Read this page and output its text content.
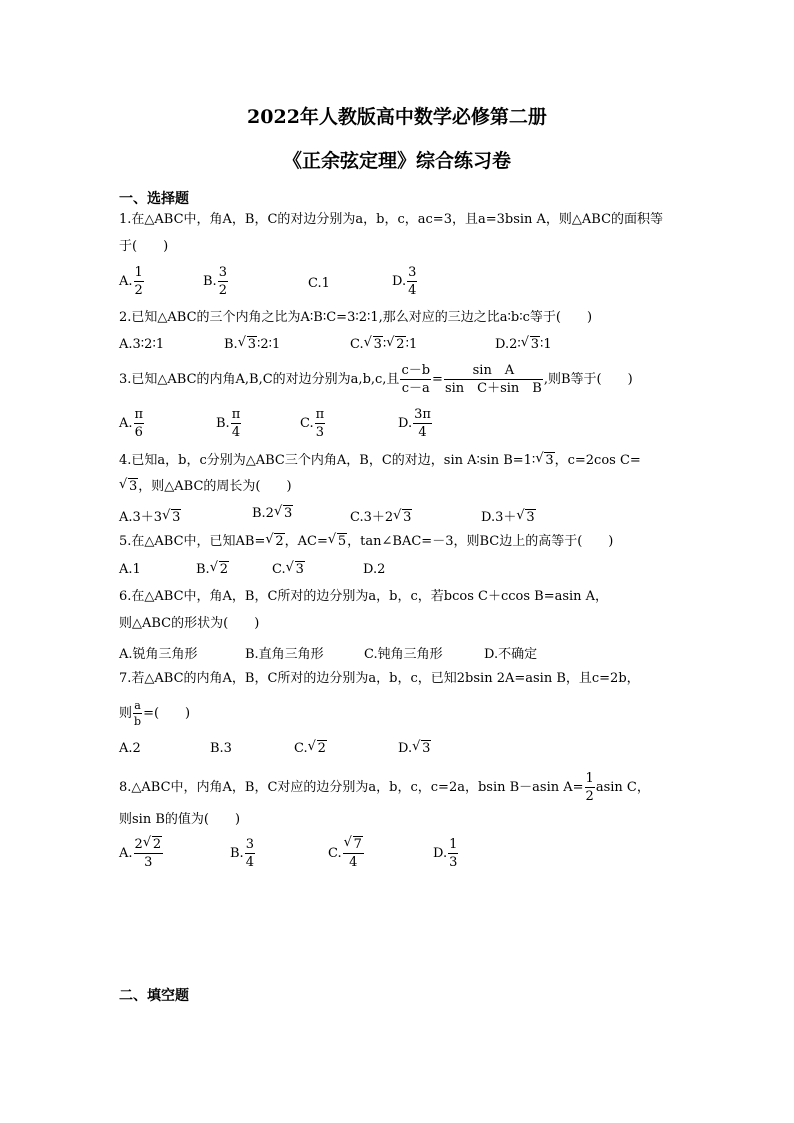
2022年人教版高中数学必修第二册
《正余弦定理》综合练习卷
一、选择题
1.在△ABC中，角A，B，C的对边分别为a，b，c，ac=3，且a=3bsin A，则△ABC的面积等
于(　　)
A. $\frac{1}{2}$	B. $\frac{3}{2}$	C.1	D. $\frac{3}{4}$
2.已知△ABC的三个内角之比为A∶B∶C=3∶2∶1,那么对应的三边之比a∶b∶c等于(　　)
A.3∶2∶1	B. √ 3∶2∶1	C. √ 3∶ √ 2∶1	D.2∶ √ 3∶1
3.已知△ABC的内角A,B,C的对边分别为a,b,c,且 $\frac{c-b}{c-a} = \frac{\text{sin　A}}{\text{sin　C＋sin　B}}$ ,则B等于(　　)
A. $\frac{\pi}{6}$	B. $\frac{\pi}{4}$	C. $\frac{\pi}{3}$	D. $\frac{3\pi}{4}$
4.已知a，b，c分别为△ABC三个内角A，B，C的对边，sin A∶sin B=1∶ √ 3，c=2cos C=
√ 3，则△ABC的周长为(　　)
A.3＋3 √ 3	B.2 √ 3	C.3＋2 √ 3	D.3＋ √ 3
5.在△ABC中，已知AB= √ 2，AC= √ 5，tan∠BAC=－3，则BC边上的高等于(　　)
A.1	B. √ 2	C. √ 3	D.2
6.在△ABC中，角A，B，C所对的边分别为a，b，c，若bcos C＋ccos B=asin A，
则△ABC的形状为(　　)
A.锐角三角形	B.直角三角形	C.钝角三角形	D.不确定
7.若△ABC的内角A，B，C所对的边分别为a，b，c，已知2bsin 2A=asin B，且c=2b，
则 $\frac{a}{b}$ =(　　)
A.2	B.3	C. √ 2	D. √ 3
8.△ABC中，内角A，B，C对应的边分别为a，b，c，c=2a，bsin B－asin $A= \frac{1}{2}$ asin C，
则sin B的值为(　　)
A. $\frac{2 √ 2}{3}$	B. $\frac{3}{4}$	C. √ $\frac{7}{4}$	D. $\frac{1}{3}$
二、填空题
